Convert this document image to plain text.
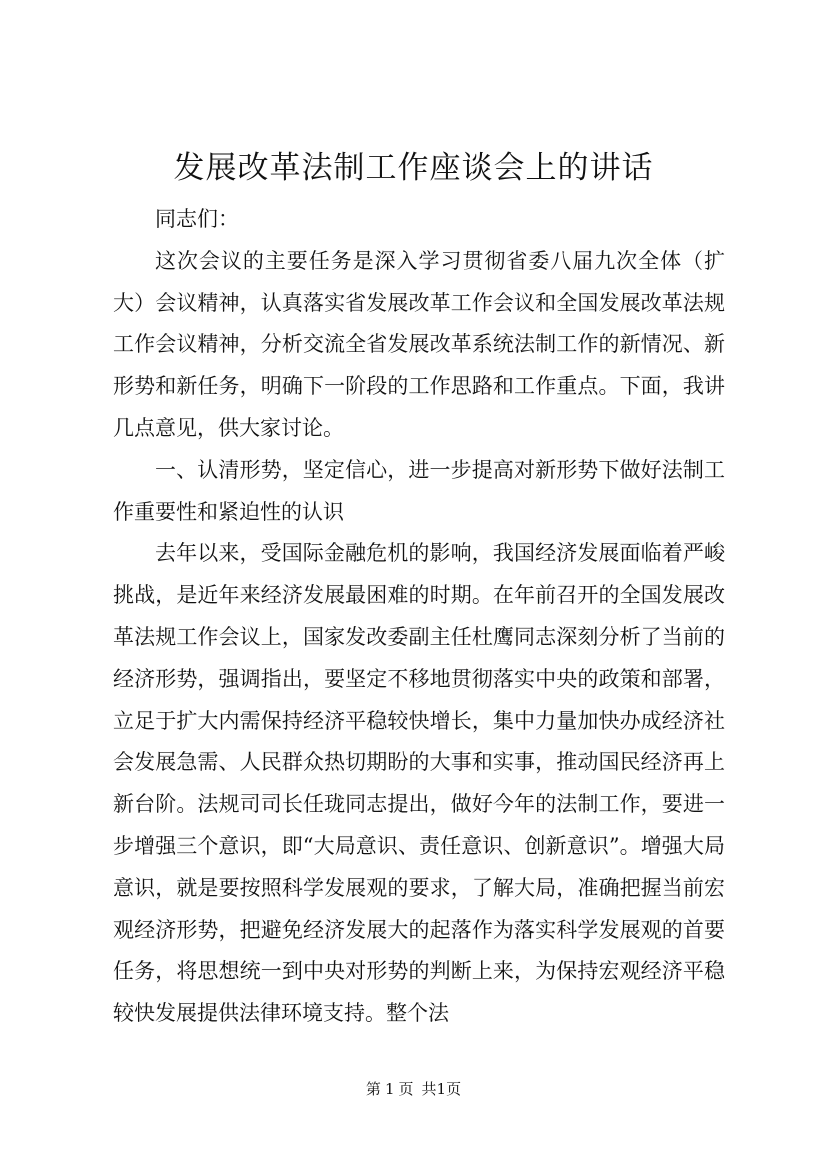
发展改革法制工作座谈会上的讲话

同志们：

这次会议的主要任务是深入学习贯彻省委八届九次全体（扩大）会议精神，认真落实省发展改革工作会议和全国发展改革法规工作会议精神，分析交流全省发展改革系统法制工作的新情况、新形势和新任务，明确下一阶段的工作思路和工作重点。下面，我讲几点意见，供大家讨论。

一、认清形势，坚定信心，进一步提高对新形势下做好法制工作重要性和紧迫性的认识

去年以来，受国际金融危机的影响，我国经济发展面临着严峻挑战，是近年来经济发展最困难的时期。在年前召开的全国发展改革法规工作会议上，国家发改委副主任杜鹰同志深刻分析了当前的经济形势，强调指出，要坚定不移地贯彻落实中央的政策和部署，立足于扩大内需保持经济平稳较快增长，集中力量加快办成经济社会发展急需、人民群众热切期盼的大事和实事，推动国民经济再上新台阶。法规司司长任珑同志提出，做好今年的法制工作，要进一步增强三个意识，即“大局意识、责任意识、创新意识”。增强大局意识，就是要按照科学发展观的要求，了解大局，准确把握当前宏观经济形势，把避免经济发展大的起落作为落实科学发展观的首要任务，将思想统一到中央对形势的判断上来，为保持宏观经济平稳较快发展提供法律环境支持。整个法

第 1 页 共1页
